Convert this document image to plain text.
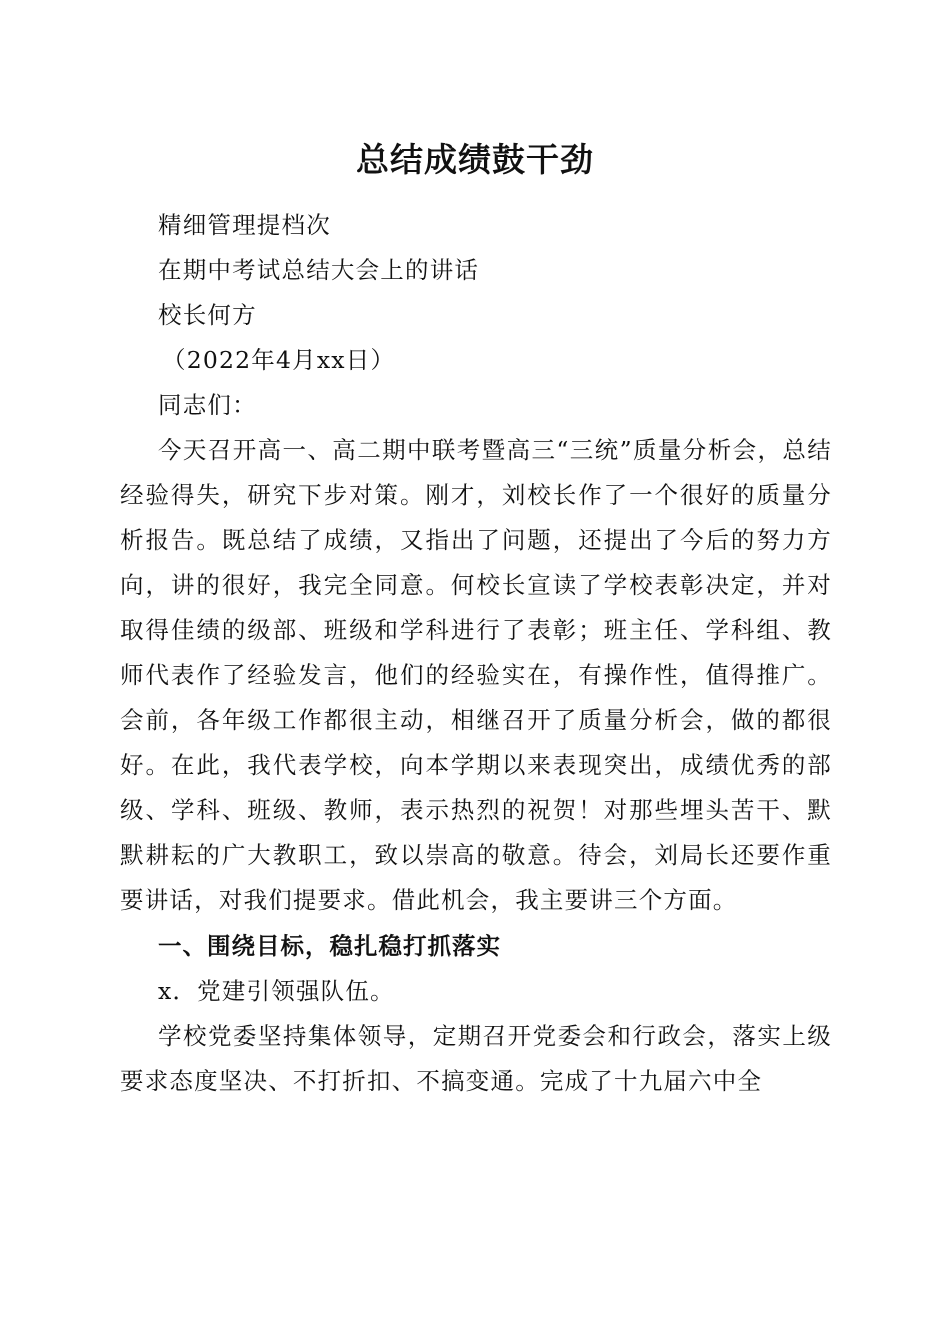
总结成绩鼓干劲
精细管理提档次
在期中考试总结大会上的讲话
校长何方
（2022年4月xx日）
同志们：

今天召开高一、高二期中联考暨高三“三统”质量分析会，总结经验得失，研究下步对策。刚才，刘校长作了一个很好的质量分析报告。既总结了成绩，又指出了问题，还提出了今后的努力方向，讲的很好，我完全同意。何校长宣读了学校表彰决定，并对取得佳绩的级部、班级和学科进行了表彰；班主任、学科组、教师代表作了经验发言，他们的经验实在，有操作性，值得推广。会前，各年级工作都很主动，相继召开了质量分析会，做的都很好。在此，我代表学校，向本学期以来表现突出，成绩优秀的部级、学科、班级、教师，表示热烈的祝贺！对那些埋头苦干、默默耕耘的广大教职工，致以崇高的敬意。待会，刘局长还要作重要讲话，对我们提要求。借此机会，我主要讲三个方面。

一、围绕目标，稳扎稳打抓落实
x．党建引领强队伍。

学校党委坚持集体领导，定期召开党委会和行政会，落实上级要求态度坚决、不打折扣、不搞变通。完成了十九届六中全
